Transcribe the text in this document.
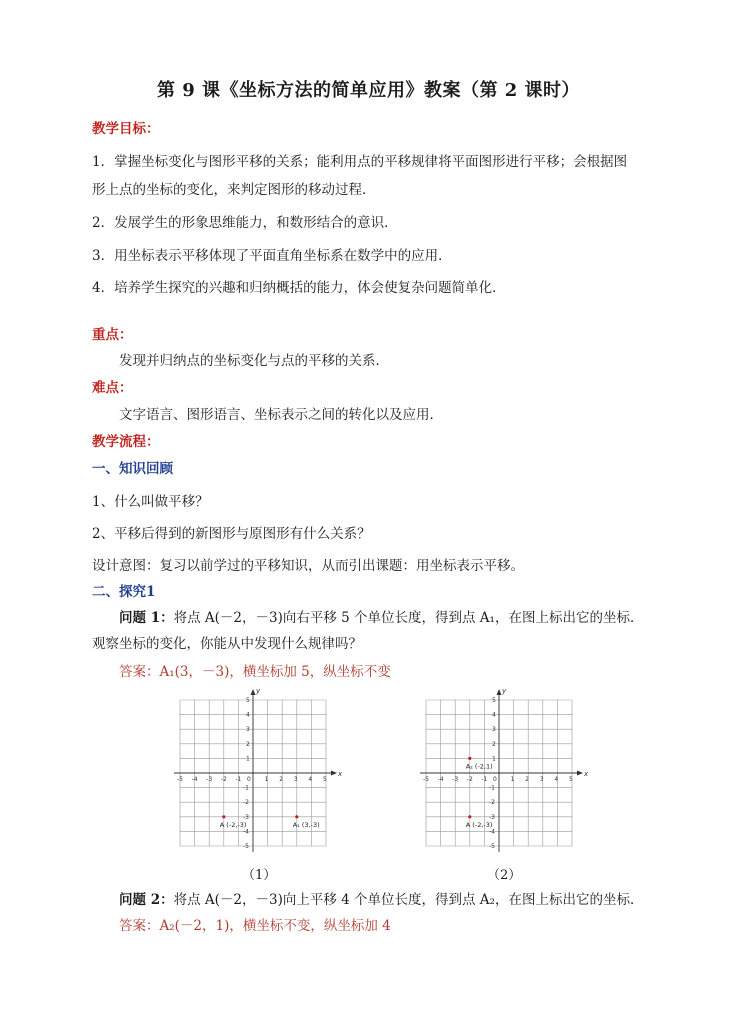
第 9 课《坐标方法的简单应用》教案（第 2 课时）
教学目标：
1．掌握坐标变化与图形平移的关系；能利用点的平移规律将平面图形进行平移；会根据图
形上点的坐标的变化，来判定图形的移动过程．
2．发展学生的形象思维能力，和数形结合的意识．
3．用坐标表示平移体现了平面直角坐标系在数学中的应用．
4．培养学生探究的兴趣和归纳概括的能力，体会使复杂问题简单化．
重点：
发现并归纳点的坐标变化与点的平移的关系．
难点：
文字语言、图形语言、坐标表示之间的转化以及应用．
教学流程：
一、知识回顾
1、什么叫做平移？
2、平移后得到的新图形与原图形有什么关系？
设计意图：复习以前学过的平移知识，从而引出课题：用坐标表示平移。
二、探究1
问题 1：将点 A(－2，－3)向右平移 5 个单位长度，得到点 A₁，在图上标出它的坐标．
观察坐标的变化，你能从中发现什么规律吗？
答案：A₁(3，－3)，横坐标加 5，纵坐标不变
x
y
-5 -4 -3 -2 -1 0 1 2 3 4 5
5
4
3
2
1
-1
-2
-3
-4
-5
A (-2,-3)	A₁ (3,-3)
x
y
-5 -4 -3 -2 -1 0 1 2 3 4 5
5
4
3
2
1
-1
-2
-3
-4
-5
A₂ (-2,1)
A (-2,-3)
（1）	（2）
问题 2：将点 A(－2，－3)向上平移 4 个单位长度，得到点 A₂，在图上标出它的坐标．
答案：A₂(－2，1)，横坐标不变，纵坐标加 4
